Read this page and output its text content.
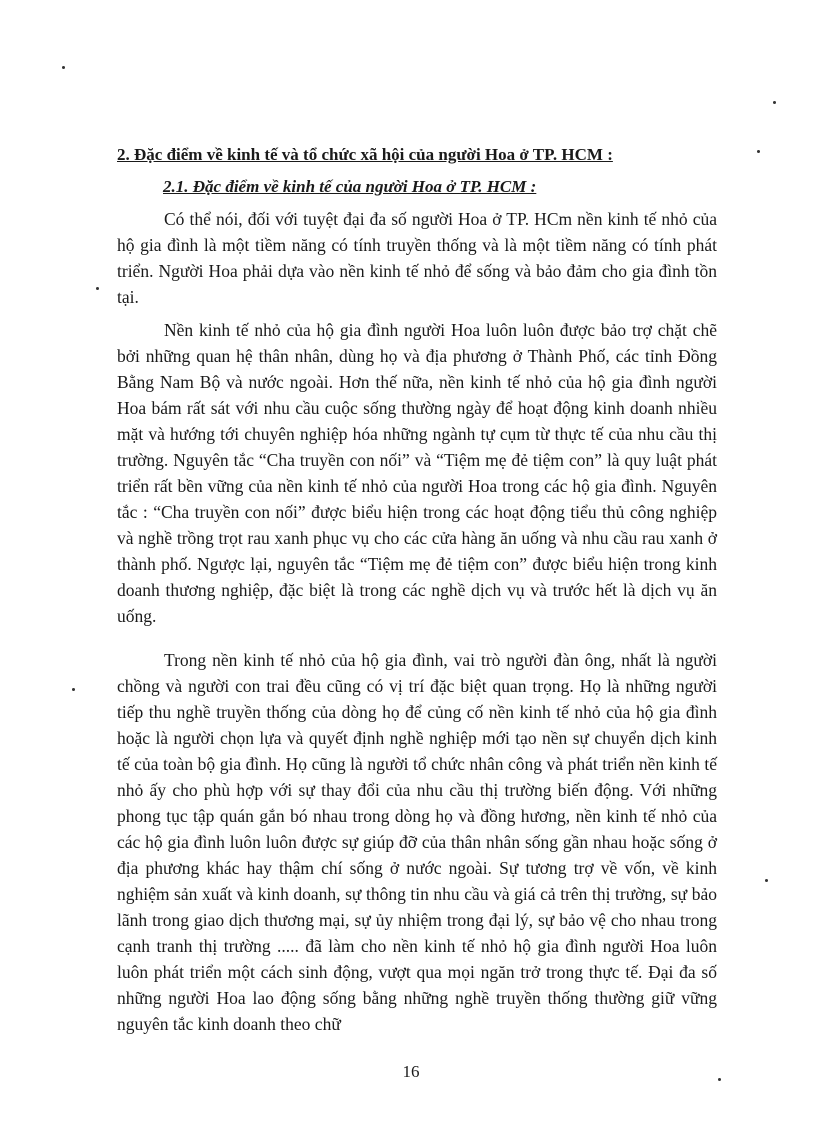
2. Đặc điểm về kinh tế và tổ chức xã hội của người Hoa ở TP. HCM :
2.1. Đặc điểm về kinh tế của người Hoa ở TP. HCM :

Có thể nói, đối với tuyệt đại đa số người Hoa ở TP. HCm nền kinh tế nhỏ của hộ gia đình là một tiềm năng có tính truyền thống và là một tiềm năng có tính phát triển. Người Hoa phải dựa vào nền kinh tế nhỏ để sống và bảo đảm cho gia đình tồn tại.

Nền kinh tế nhỏ của hộ gia đình người Hoa luôn luôn được bảo trợ chặt chẽ bởi những quan hệ thân nhân, dùng họ và địa phương ở Thành Phố, các tỉnh Đồng Bằng Nam Bộ và nước ngoài. Hơn thế nữa, nền kinh tế nhỏ của hộ gia đình người Hoa bám rất sát với nhu cầu cuộc sống thường ngày để hoạt động kinh doanh nhiều mặt và hướng tới chuyên nghiệp hóa những ngành tự cụm từ thực tế của nhu cầu thị trường. Nguyên tắc “Cha truyền con nối” và “Tiệm mẹ đẻ tiệm con” là quy luật phát triển rất bền vững của nền kinh tế nhỏ của người Hoa trong các hộ gia đình. Nguyên tắc : “Cha truyền con nối” được biểu hiện trong các hoạt động tiểu thủ công nghiệp và nghề trồng trọt rau xanh phục vụ cho các cửa hàng ăn uống và nhu cầu rau xanh ở thành phố. Ngược lại, nguyên tắc “Tiệm mẹ đẻ tiệm con” được biểu hiện trong kinh doanh thương nghiệp, đặc biệt là trong các nghề dịch vụ và trước hết là dịch vụ ăn uống.

Trong nền kinh tế nhỏ của hộ gia đình, vai trò người đàn ông, nhất là người chồng và người con trai đều cũng có vị trí đặc biệt quan trọng. Họ là những người tiếp thu nghề truyền thống của dòng họ để củng cố nền kinh tế nhỏ của hộ gia đình hoặc là người chọn lựa và quyết định nghề nghiệp mới tạo nền sự chuyển dịch kinh tế của toàn bộ gia đình. Họ cũng là người tổ chức nhân công và phát triển nền kinh tế nhỏ ấy cho phù hợp với sự thay đổi của nhu cầu thị trường biến động. Với những phong tục tập quán gắn bó nhau trong dòng họ và đồng hương, nền kinh tế nhỏ của các hộ gia đình luôn luôn được sự giúp đỡ của thân nhân sống gần nhau hoặc sống ở địa phương khác hay thậm chí sống ở nước ngoài. Sự tương trợ về vốn, về kinh nghiệm sản xuất và kinh doanh, sự thông tin nhu cầu và giá cả trên thị trường, sự bảo lãnh trong giao dịch thương mại, sự ủy nhiệm trong đại lý, sự bảo vệ cho nhau trong cạnh tranh thị trường ..... đã làm cho nền kinh tế nhỏ hộ gia đình người Hoa luôn luôn phát triển một cách sinh động, vượt qua mọi ngăn trở trong thực tế. Đại đa số những người Hoa lao động sống bằng những nghề truyền thống thường giữ vững nguyên tắc kinh doanh theo chữ

16
